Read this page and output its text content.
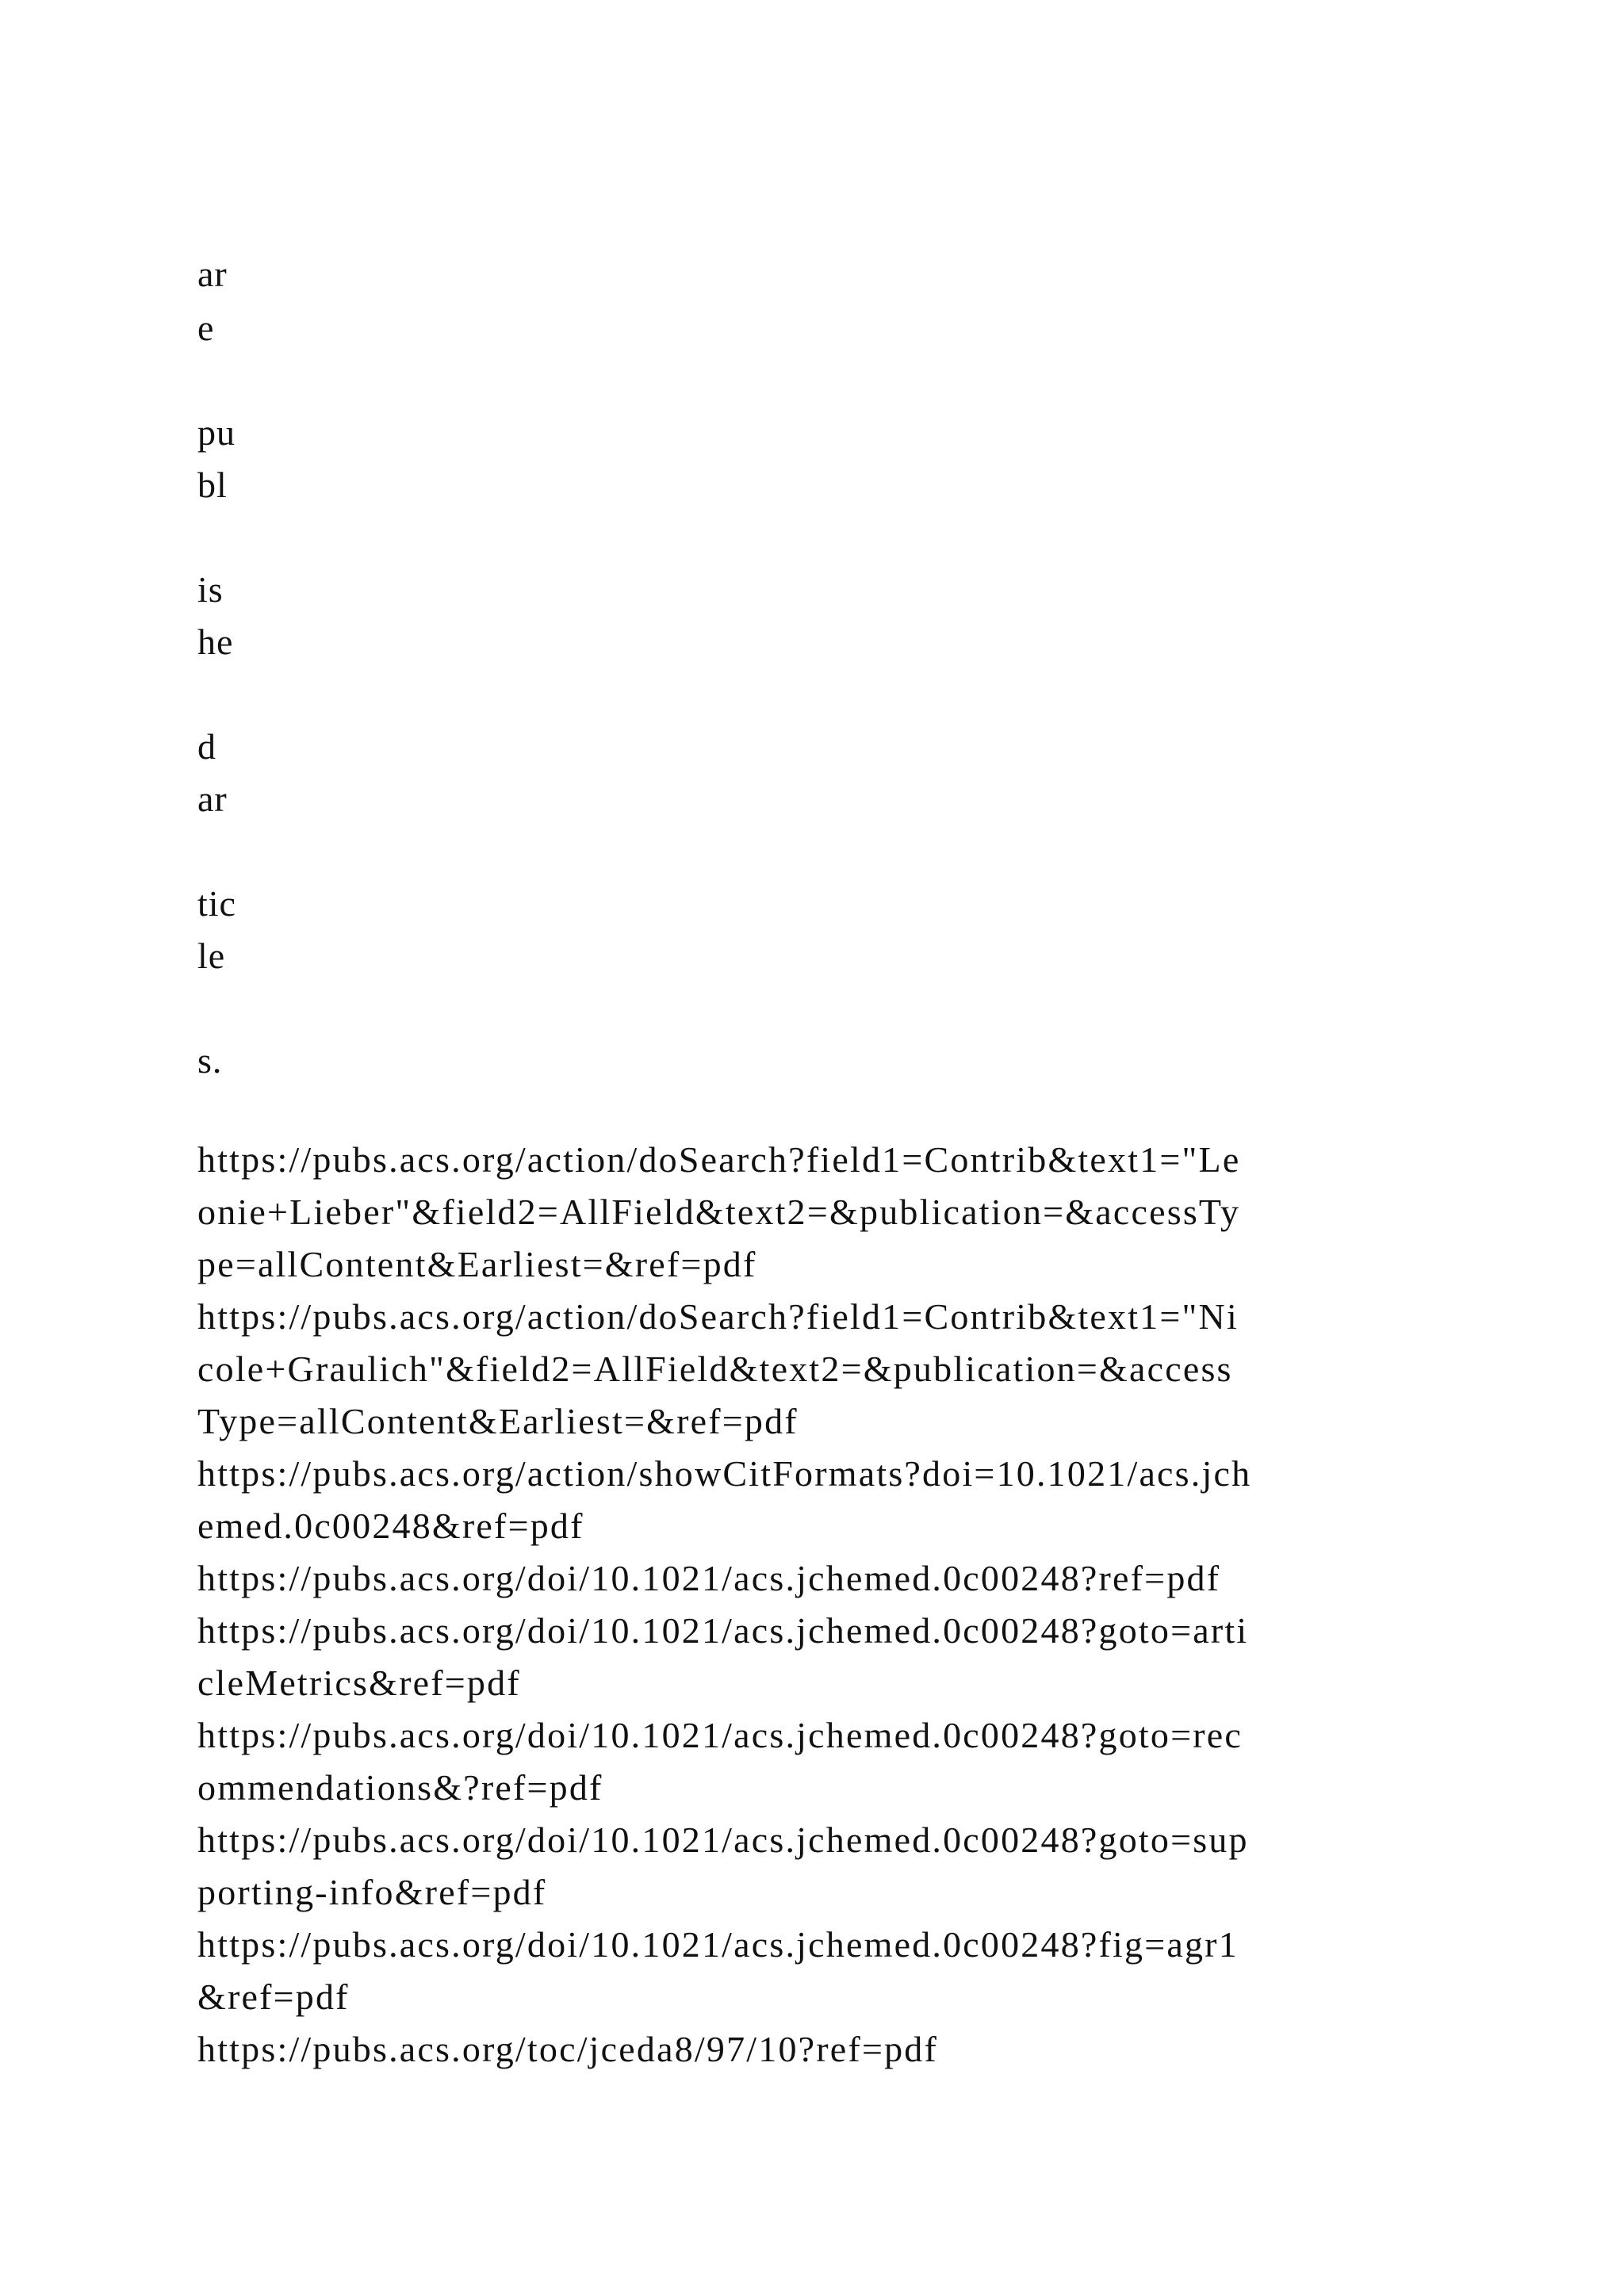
ar
e
pu
bl
is
he
d
ar
tic
le
s.
https://pubs.acs.org/action/doSearch?field1=Contrib&text1="Le
onie+Lieber"&field2=AllField&text2=&publication=&accessTy
pe=allContent&Earliest=&ref=pdf
https://pubs.acs.org/action/doSearch?field1=Contrib&text1="Ni
cole+Graulich"&field2=AllField&text2=&publication=&access
Type=allContent&Earliest=&ref=pdf
https://pubs.acs.org/action/showCitFormats?doi=10.1021/acs.jch
emed.0c00248&ref=pdf
https://pubs.acs.org/doi/10.1021/acs.jchemed.0c00248?ref=pdf
https://pubs.acs.org/doi/10.1021/acs.jchemed.0c00248?goto=arti
cleMetrics&ref=pdf
https://pubs.acs.org/doi/10.1021/acs.jchemed.0c00248?goto=rec
ommendations&?ref=pdf
https://pubs.acs.org/doi/10.1021/acs.jchemed.0c00248?goto=sup
porting-info&ref=pdf
https://pubs.acs.org/doi/10.1021/acs.jchemed.0c00248?fig=agr1
&ref=pdf
https://pubs.acs.org/toc/jceda8/97/10?ref=pdf
